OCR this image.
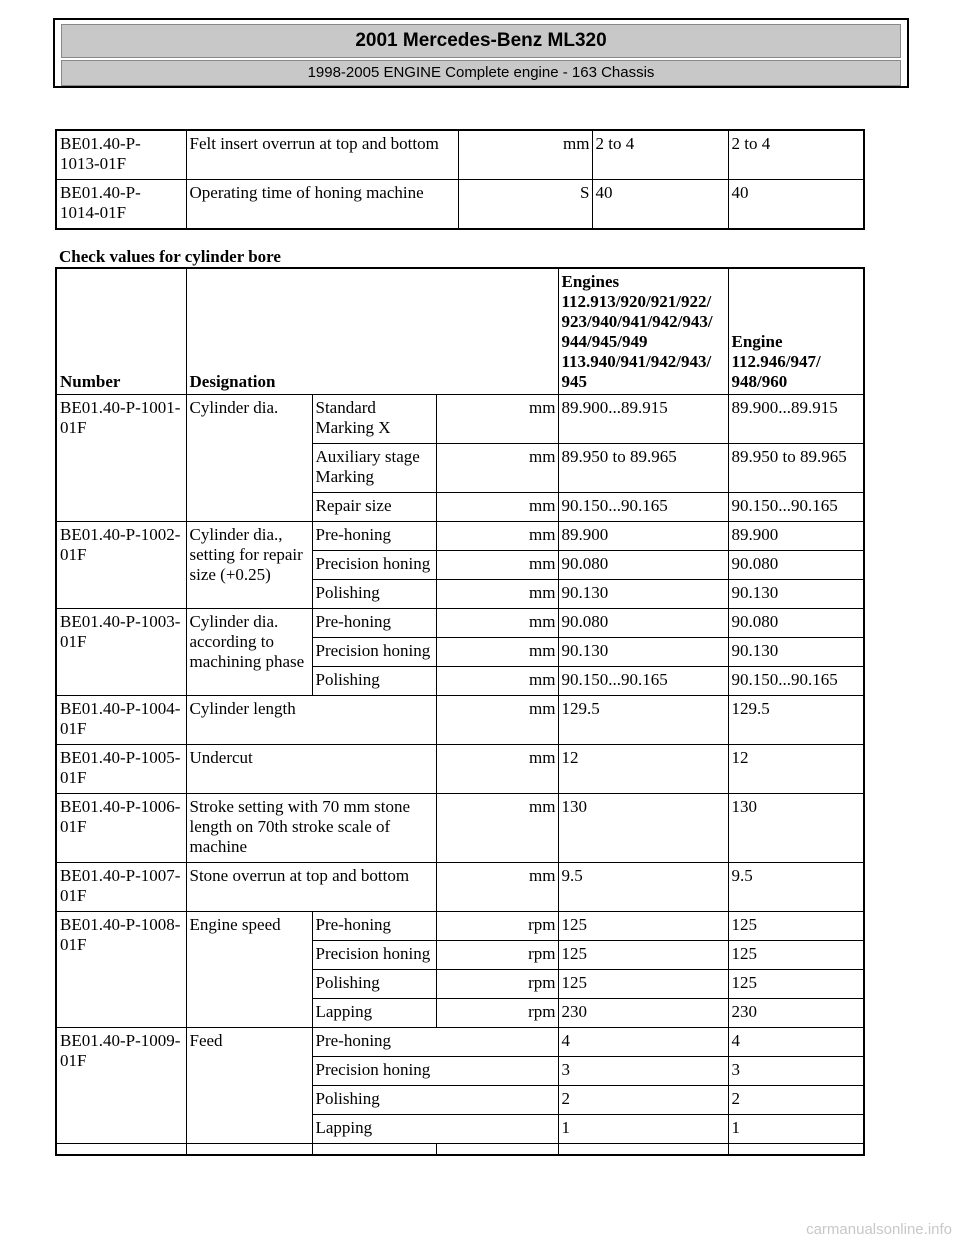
2001 Mercedes-Benz ML320
1998-2005 ENGINE Complete engine - 163 Chassis
BE01.40-P- 1013-01F	Felt insert overrun at top and bottom	mm	2 to 4	2 to 4
BE01.40-P- 1014-01F	Operating time of honing machine	S	40	40
Check values for cylinder bore
Number	Designation			Engines 112.913/920/921/922/ 923/940/941/942/943/ 944/945/949 113.940/941/942/943/ 945	Engine 112.946/947/ 948/960
BE01.40-P-1001-01F	Cylinder dia.	Standard Marking X	mm	89.900...89.915	89.900...89.915
		Auxiliary stage Marking	mm	89.950 to 89.965	89.950 to 89.965
		Repair size	mm	90.150...90.165	90.150...90.165
BE01.40-P-1002-01F	Cylinder dia., setting for repair size (+0.25)	Pre-honing	mm	89.900	89.900
		Precision honing	mm	90.080	90.080
		Polishing	mm	90.130	90.130
BE01.40-P-1003-01F	Cylinder dia. according to machining phase	Pre-honing	mm	90.080	90.080
		Precision honing	mm	90.130	90.130
		Polishing	mm	90.150...90.165	90.150...90.165
BE01.40-P-1004-01F	Cylinder length		mm	129.5	129.5
BE01.40-P-1005-01F	Undercut		mm	12	12
BE01.40-P-1006-01F	Stroke setting with 70 mm stone length on 70th stroke scale of machine		mm	130	130
BE01.40-P-1007-01F	Stone overrun at top and bottom		mm	9.5	9.5
BE01.40-P-1008-01F	Engine speed	Pre-honing	rpm	125	125
		Precision honing	rpm	125	125
		Polishing	rpm	125	125
		Lapping	rpm	230	230
BE01.40-P-1009-01F	Feed	Pre-honing		4	4
		Precision honing		3	3
		Polishing		2	2
		Lapping		1	1

carmanualsonline.info
